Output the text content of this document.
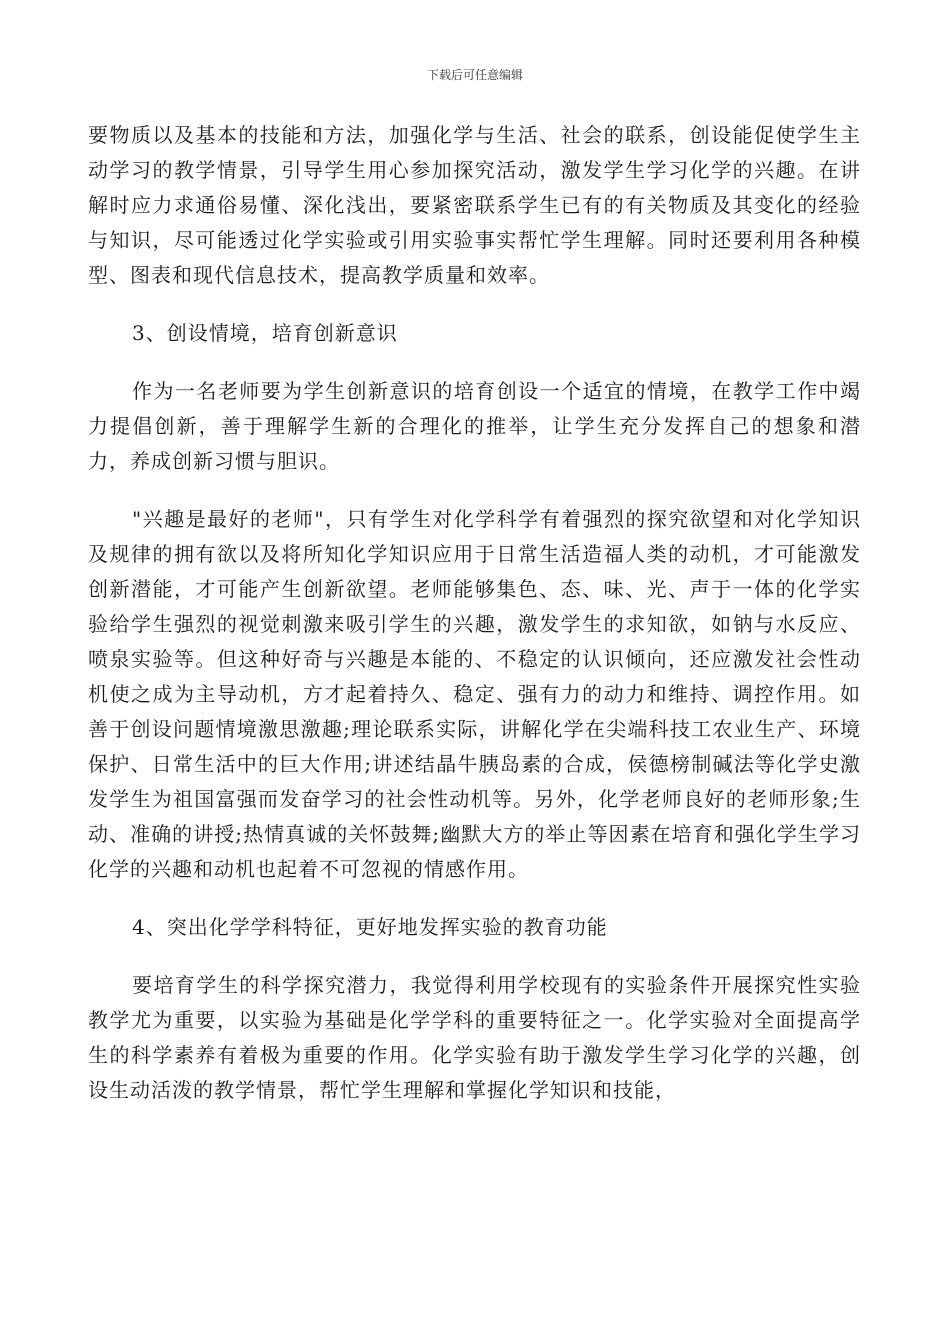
下载后可任意编辑

要物质以及基本的技能和方法，加强化学与生活、社会的联系，创设能促使学生主动学习的教学情景，引导学生用心参加探究活动，激发学生学习化学的兴趣。在讲解时应力求通俗易懂、深化浅出，要紧密联系学生已有的有关物质及其变化的经验与知识，尽可能透过化学实验或引用实验事实帮忙学生理解。同时还要利用各种模型、图表和现代信息技术，提高教学质量和效率。

3、创设情境，培育创新意识

作为一名老师要为学生创新意识的培育创设一个适宜的情境，在教学工作中竭力提倡创新，善于理解学生新的合理化的推举，让学生充分发挥自己的想象和潜力，养成创新习惯与胆识。

"兴趣是最好的老师"，只有学生对化学科学有着强烈的探究欲望和对化学知识及规律的拥有欲以及将所知化学知识应用于日常生活造福人类的动机，才可能激发创新潜能，才可能产生创新欲望。老师能够集色、态、味、光、声于一体的化学实验给学生强烈的视觉刺激来吸引学生的兴趣，激发学生的求知欲，如钠与水反应、喷泉实验等。但这种好奇与兴趣是本能的、不稳定的认识倾向，还应激发社会性动机使之成为主导动机，方才起着持久、稳定、强有力的动力和维持、调控作用。如善于创设问题情境激思激趣;理论联系实际，讲解化学在尖端科技工农业生产、环境保护、日常生活中的巨大作用;讲述结晶牛胰岛素的合成，侯德榜制碱法等化学史激发学生为祖国富强而发奋学习的社会性动机等。另外，化学老师良好的老师形象;生动、准确的讲授;热情真诚的关怀鼓舞;幽默大方的举止等因素在培育和强化学生学习化学的兴趣和动机也起着不可忽视的情感作用。

4、突出化学学科特征，更好地发挥实验的教育功能

要培育学生的科学探究潜力，我觉得利用学校现有的实验条件开展探究性实验教学尤为重要，以实验为基础是化学学科的重要特征之一。化学实验对全面提高学生的科学素养有着极为重要的作用。化学实验有助于激发学生学习化学的兴趣，创设生动活泼的教学情景，帮忙学生理解和掌握化学知识和技能，
